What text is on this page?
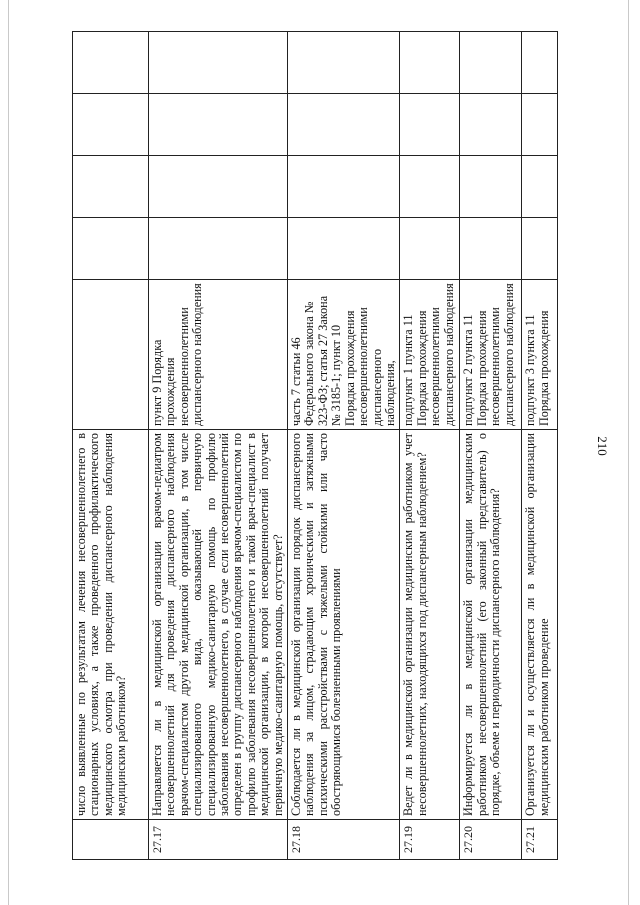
210
	число выявленные по результатам лечения несовершеннолетнего в стационарных условиях, а также проведенного профилактического медицинского осмотра при проведении диспансерного наблюдения медицинским работником?					
27.17	Направляется ли в медицинской организации врачом-педиатром несовершеннолетний для проведения диспансерного наблюдения врачом-специалистом другой медицинской организации, в том числе специализированного вида, оказывающей первичную специализированную медико-санитарную помощь по профилю заболевания несовершеннолетнего, в случае если несовершеннолетний определен в группу диспансерного наблюдения врачом-специалистом по профилю заболевания несовершеннолетнего и такой врач-специалист в медицинской организации, в которой несовершеннолетний получает первичную медико-санитарную помощь, отсутствует?	пункт 9 Порядка прохождения несовершеннолетними диспансерного наблюдения				
27.18	Соблюдается ли в медицинской организации порядок диспансерного наблюдения за лицом, страдающим хроническими и затяжными психическими расстройствами с тяжелыми стойкими или часто обостряющимися болезненными проявлениями	часть 7 статьи 46 Федерального закона № 323-ФЗ; статья 27 Закона № 3185-1; пункт 10 Порядка прохождения несовершеннолетними диспансерного наблюдения,				
27.19	Ведет ли в медицинской организации медицинским работником учет несовершеннолетних, находящихся под диспансерным наблюдением?	подпункт 1 пункта 11 Порядка прохождения несовершеннолетними диспансерного наблюдения				
27.20	Информируется ли в медицинской организации медицинским работником несовершеннолетний (его законный представитель) о порядке, объеме и периодичности диспансерного наблюдения?	подпункт 2 пункта 11 Порядка прохождения несовершеннолетними диспансерного наблюдения				
27.21	Организуется ли и осуществляется ли в медицинской организации медицинским работником проведение	подпункт 3 пункта 11 Порядка прохождения				
